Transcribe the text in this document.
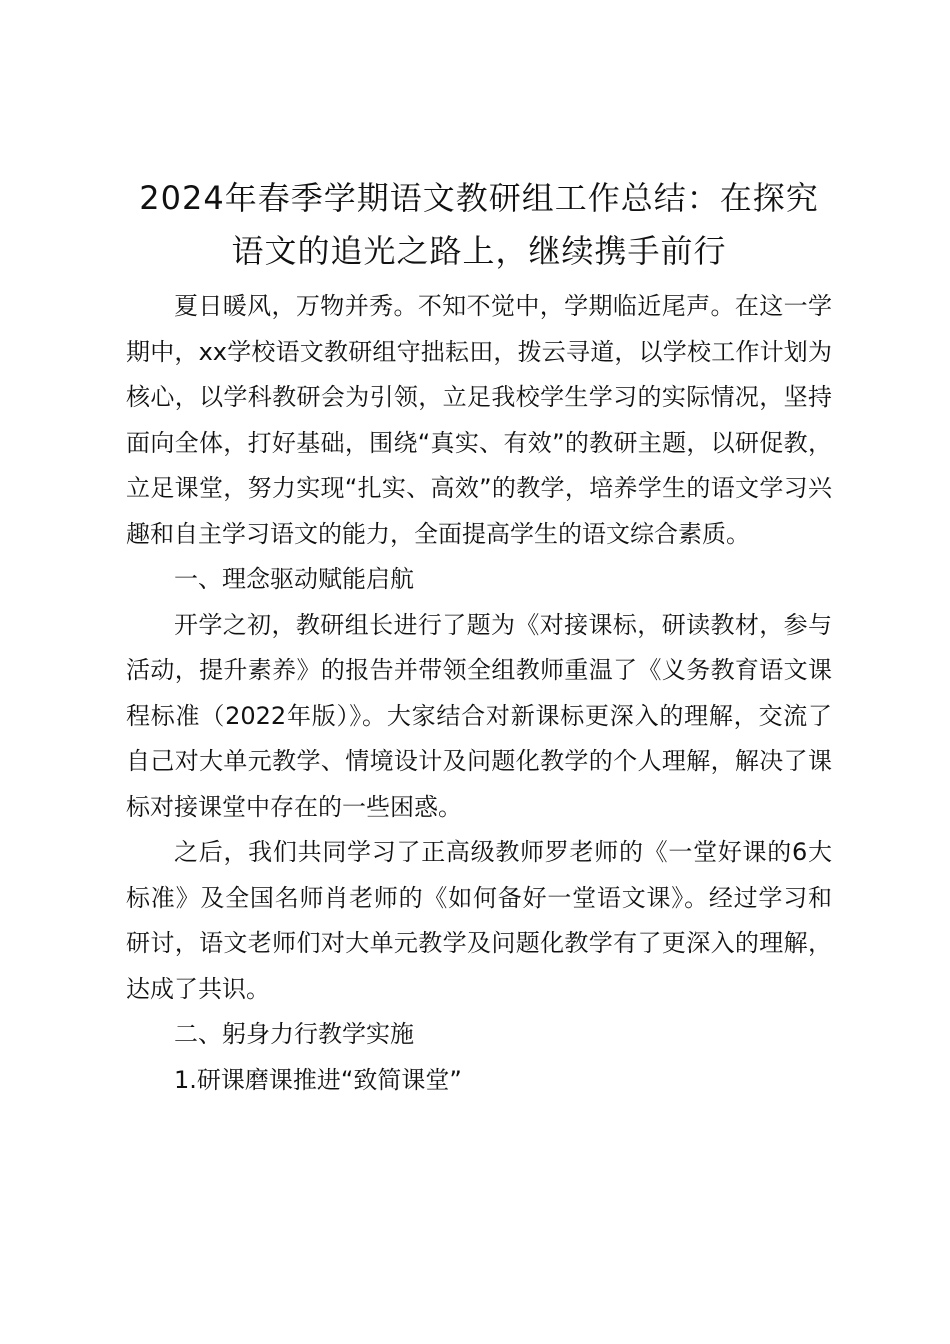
2024年春季学期语文教研组工作总结：在探究语文的追光之路上，继续携手前行

夏日暖风，万物并秀。不知不觉中，学期临近尾声。在这一学期中，xx学校语文教研组守拙耘田，拨云寻道，以学校工作计划为核心，以学科教研会为引领，立足我校学生学习的实际情况，坚持面向全体，打好基础，围绕“真实、有效”的教研主题，以研促教，立足课堂，努力实现“扎实、高效”的教学，培养学生的语文学习兴趣和自主学习语文的能力，全面提高学生的语文综合素质。

一、理念驱动赋能启航

开学之初，教研组长进行了题为《对接课标，研读教材，参与活动，提升素养》的报告并带领全组教师重温了《义务教育语文课程标准（2022年版）》。大家结合对新课标更深入的理解，交流了自己对大单元教学、情境设计及问题化教学的个人理解，解决了课标对接课堂中存在的一些困惑。

之后，我们共同学习了正高级教师罗老师的《一堂好课的6大标准》及全国名师肖老师的《如何备好一堂语文课》。经过学习和研讨，语文老师们对大单元教学及问题化教学有了更深入的理解，达成了共识。

二、躬身力行教学实施

1.研课磨课推进“致简课堂”
